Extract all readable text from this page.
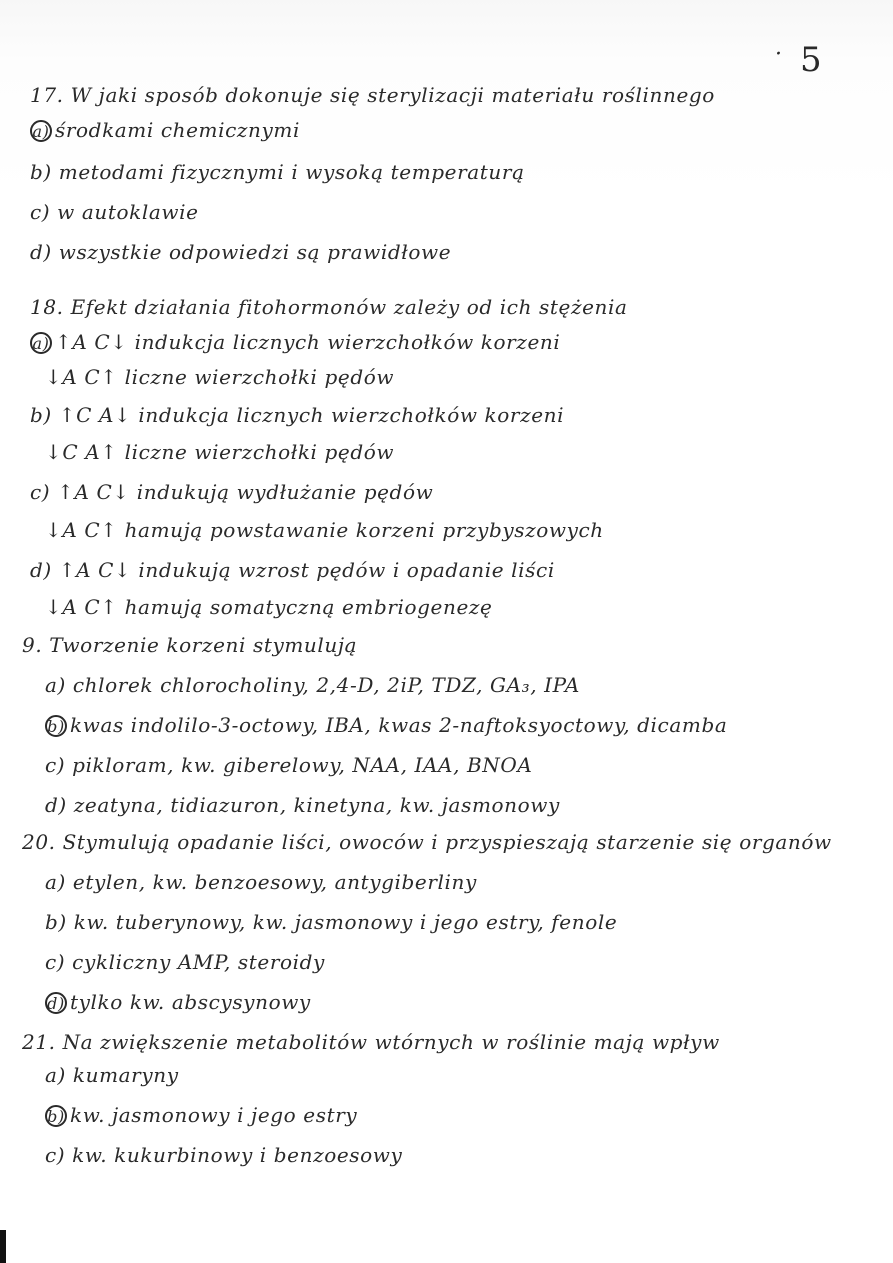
· 5
17. W jaki sposób dokonuje się sterylizacji materiału roślinnego
a) środkami chemicznymi
b) metodami fizycznymi i wysoką temperaturą
c) w autoklawie
d) wszystkie odpowiedzi są prawidłowe
18. Efekt działania fitohormonów zależy od ich stężenia
a) ↑A C↓ indukcja licznych wierzchołków korzeni
↓A C↑ liczne wierzchołki pędów
b) ↑C A↓ indukcja licznych wierzchołków korzeni
↓C A↑ liczne wierzchołki pędów
c) ↑A C↓ indukują wydłużanie pędów
↓A C↑ hamują powstawanie korzeni przybyszowych
d) ↑A C↓ indukują wzrost pędów i opadanie liści
↓A C↑ hamują somatyczną embriogenezę
9. Tworzenie korzeni stymulują
a) chlorek chlorocholiny, 2,4-D, 2iP, TDZ, GA₃, IPA
b) kwas indolilo-3-octowy, IBA, kwas 2-naftoksyoctowy, dicamba
c) pikloram, kw. giberelowy, NAA, IAA, BNOA
d) zeatyna, tidiazuron, kinetyna, kw. jasmonowy
20. Stymulują opadanie liści, owoców i przyspieszają starzenie się organów
a) etylen, kw. benzoesowy, antygiberliny
b) kw. tuberynowy, kw. jasmonowy i jego estry, fenole
c) cykliczny AMP, steroidy
d) tylko kw. abscysynowy
21. Na zwiększenie metabolitów wtórnych w roślinie mają wpływ
a) kumaryny
b) kw. jasmonowy i jego estry
c) kw. kukurbinowy i benzoesowy
